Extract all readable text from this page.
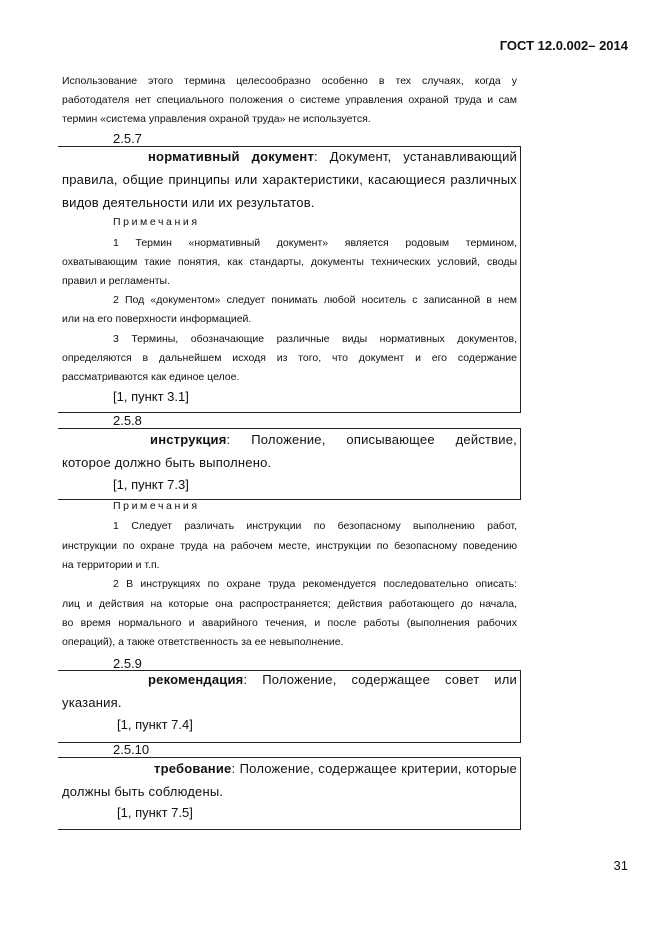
ГОСТ 12.0.002– 2014
Использование этого термина целесообразно особенно в тех случаях, когда у
работодателя нет специального положения о системе управления охраной труда и сам
термин «система управления охраной труда» не используется.
2.5.7
нормативный документ: Документ, устанавливающий
правила, общие принципы или характеристики, касающиеся различных
видов деятельности или их результатов.
Примечания
1 Термин «нормативный документ» является родовым термином,
охватывающим такие понятия, как стандарты, документы технических условий, своды
правил и регламенты.
2 Под «документом» следует понимать любой носитель с записанной в нем
или на его поверхности информацией.
3 Термины, обозначающие различные виды нормативных документов,
определяются в дальнейшем исходя из того, что документ и его содержание
рассматриваются как единое целое.
[1, пункт 3.1]
2.5.8
инструкция: Положение, описывающее действие,
которое должно быть выполнено.
[1, пункт 7.3]
Примечания
1 Следует различать инструкции по безопасному выполнению работ,
инструкции по охране труда на рабочем месте, инструкции по безопасному поведению
на территории и т.п.
2 В инструкциях по охране труда рекомендуется последовательно описать:
лиц и действия на которые она распространяется; действия работающего до начала,
во время нормального и аварийного течения, и после работы (выполнения рабочих
операций), а также ответственность за ее невыполнение.
2.5.9
рекомендация: Положение, содержащее совет или
указания.
[1, пункт 7.4]
2.5.10
требование: Положение, содержащее критерии, которые
должны быть соблюдены.
[1, пункт 7.5]
31
